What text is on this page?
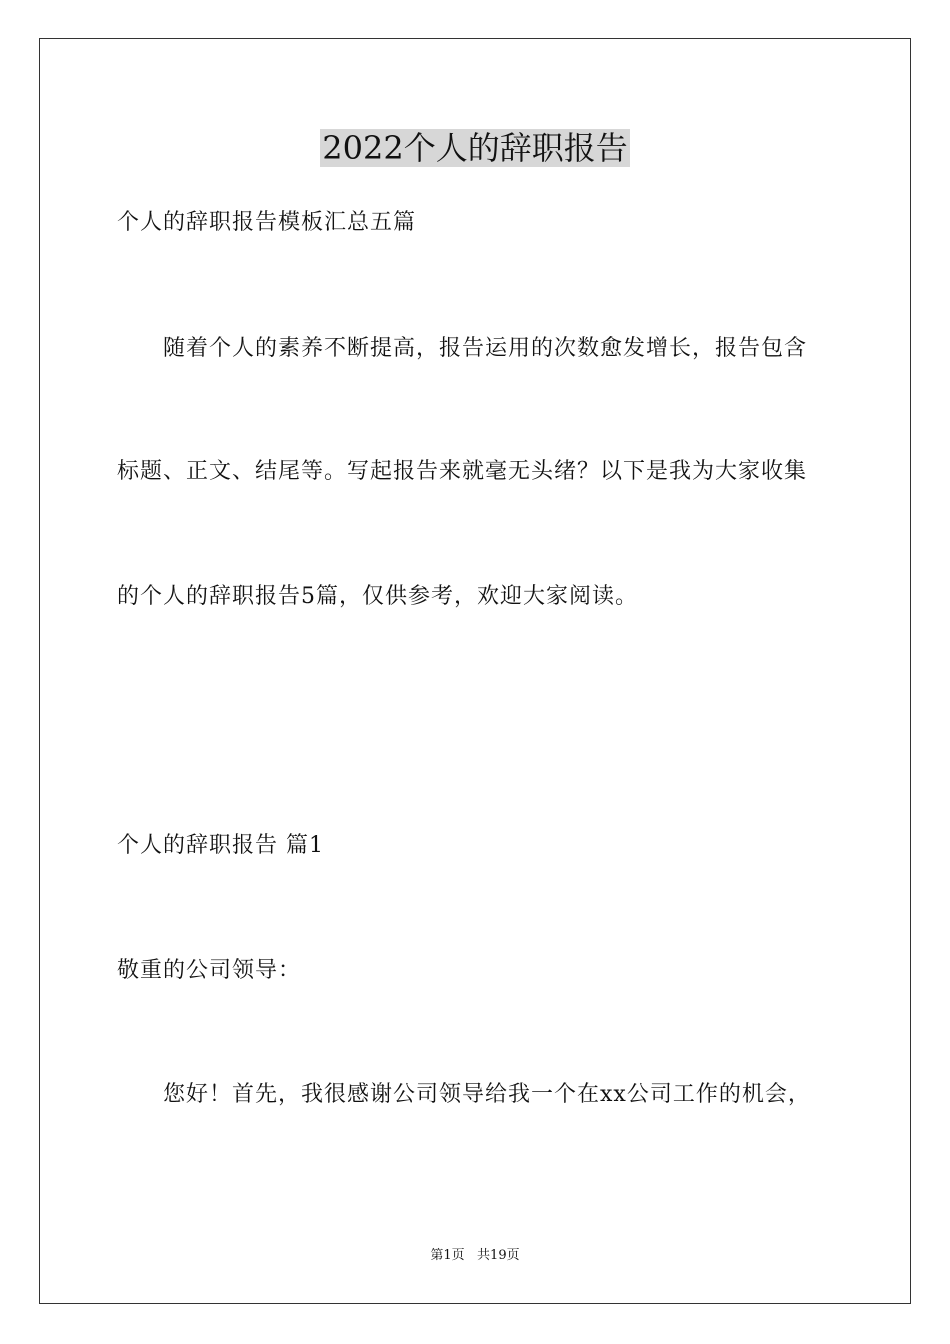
2022个人的辞职报告
个人的辞职报告模板汇总五篇
　　随着个人的素养不断提高，报告运用的次数愈发增长，报告包含
标题、正文、结尾等。写起报告来就毫无头绪？以下是我为大家收集
的个人的辞职报告5篇，仅供参考，欢迎大家阅读。
个人的辞职报告 篇1
敬重的公司领导：
　　您好！首先，我很感谢公司领导给我一个在xx公司工作的机会，
第1页   共19页
